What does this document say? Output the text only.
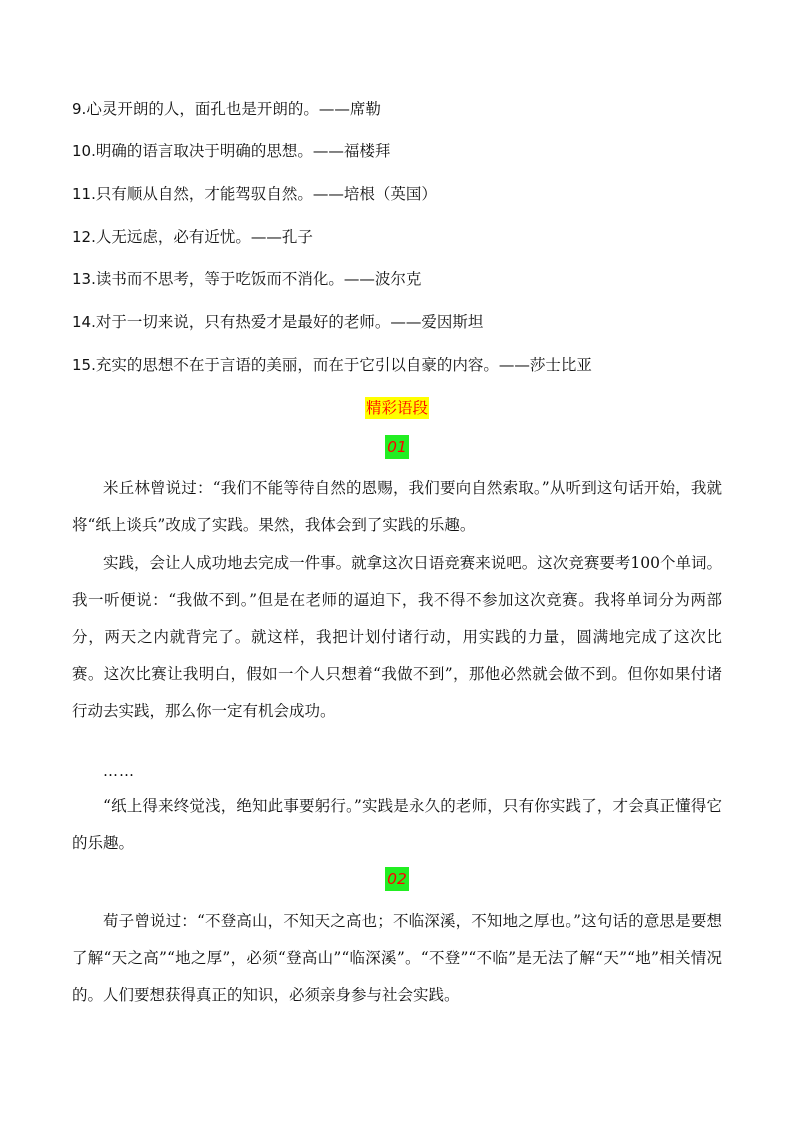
9.心灵开朗的人，面孔也是开朗的。——席勒
10.明确的语言取决于明确的思想。——福楼拜
11.只有顺从自然，才能驾驭自然。——培根（英国）
12.人无远虑，必有近忧。——孔子
13.读书而不思考，等于吃饭而不消化。——波尔克
14.对于一切来说，只有热爱才是最好的老师。——爱因斯坦
15.充实的思想不在于言语的美丽，而在于它引以自豪的内容。——莎士比亚
精彩语段
01
米丘林曾说过：“我们不能等待自然的恩赐，我们要向自然索取。”从听到这句话开始，我就将“纸上谈兵”改成了实践。果然，我体会到了实践的乐趣。
实践，会让人成功地去完成一件事。就拿这次日语竞赛来说吧。这次竞赛要考100个单词。我一听便说：“我做不到。”但是在老师的逼迫下，我不得不参加这次竞赛。我将单词分为两部分，两天之内就背完了。就这样，我把计划付诸行动，用实践的力量，圆满地完成了这次比赛。这次比赛让我明白，假如一个人只想着“我做不到”，那他必然就会做不到。但你如果付诸行动去实践，那么你一定有机会成功。
……
“纸上得来终觉浅，绝知此事要躬行。”实践是永久的老师，只有你实践了，才会真正懂得它的乐趣。
02
荀子曾说过：“不登高山，不知天之高也；不临深溪，不知地之厚也。”这句话的意思是要想了解“天之高”“地之厚”，必须“登高山”“临深溪”。“不登”“不临”是无法了解“天”“地”相关情况的。人们要想获得真正的知识，必须亲身参与社会实践。
